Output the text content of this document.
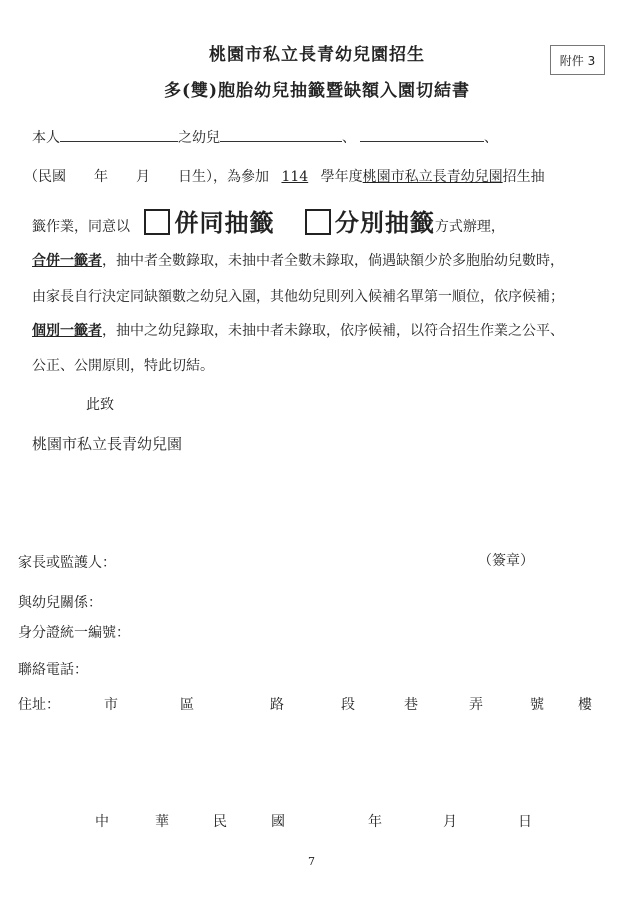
桃園市私立長青幼兒園招生
多(雙)胞胎幼兒抽籤暨缺額入園切結書
附件 3
本人	之幼兒	、	、
（民國　　年　　月　　日生），為參加 114 學年度桃園市私立長青幼兒園招生抽
籤作業，同意以 併同抽籤	分別抽籤方式辦理，
合併一籤者，抽中者全數錄取，未抽中者全數未錄取，倘遇缺額少於多胞胎幼兒數時，
由家長自行決定同缺額數之幼兒入園，其他幼兒則列入候補名單第一順位，依序候補；
個別一籤者，抽中之幼兒錄取，未抽中者未錄取，依序候補，以符合招生作業之公平、
公正、公開原則，特此切結。
此致
桃園市私立長青幼兒園
家長或監護人：	（簽章）
與幼兒關係：
身分證統一編號：
聯絡電話：
住址：	市	區	路	段	巷	弄	號 樓
中	華	民	國	年	月	日
7
